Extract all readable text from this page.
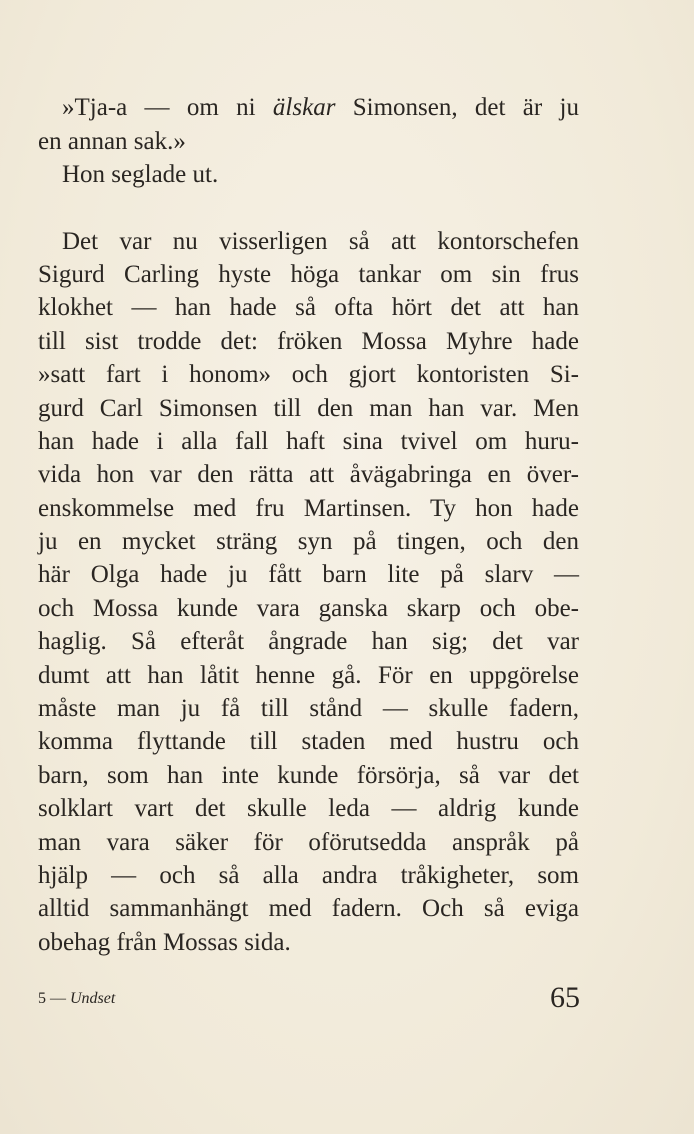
»Tja-a — om ni älskar Simonsen, det är ju
en annan sak.»
Hon seglade ut.
Det var nu visserligen så att kontorschefen
Sigurd Carling hyste höga tankar om sin frus
klokhet — han hade så ofta hört det att han
till sist trodde det: fröken Mossa Myhre hade
»satt fart i honom» och gjort kontoristen Si-
gurd Carl Simonsen till den man han var. Men
han hade i alla fall haft sina tvivel om huru-
vida hon var den rätta att åvägabringa en över-
enskommelse med fru Martinsen. Ty hon hade
ju en mycket sträng syn på tingen, och den
här Olga hade ju fått barn lite på slarv —
och Mossa kunde vara ganska skarp och obe-
haglig. Så efteråt ångrade han sig; det var
dumt att han låtit henne gå. För en uppgörelse
måste man ju få till stånd — skulle fadern,
komma flyttande till staden med hustru och
barn, som han inte kunde försörja, så var det
solklart vart det skulle leda — aldrig kunde
man vara säker för oförutsedda anspråk på
hjälp — och så alla andra tråkigheter, som
alltid sammanhängt med fadern. Och så eviga
obehag från Mossas sida.
5 — Undset	65
